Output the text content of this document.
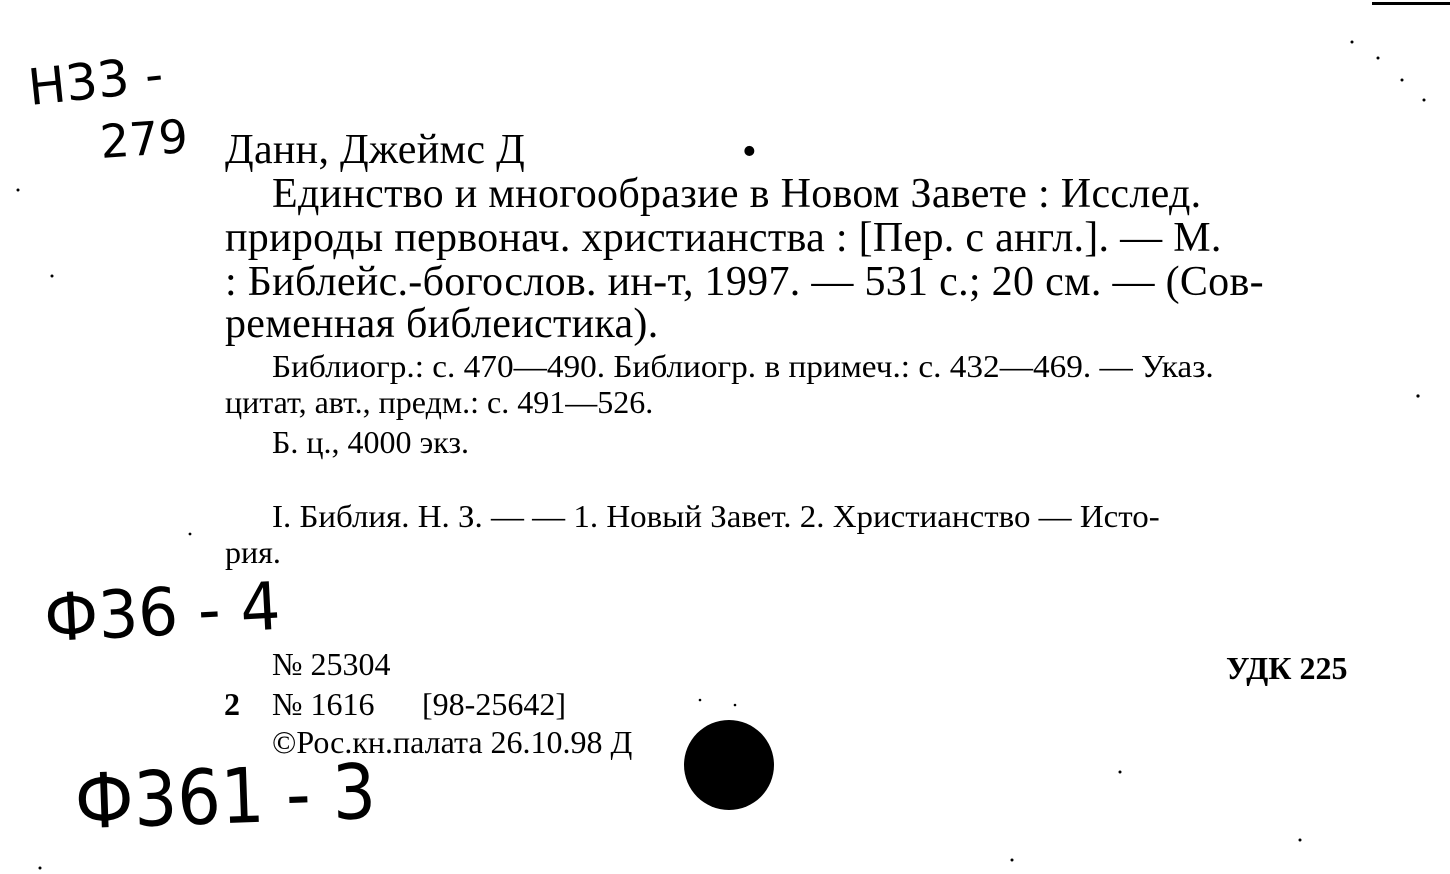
Н33 -
279
Ф36 - 4
Ф361 - 3
Данн, Джеймс Д	•
Единство и многообразие в Новом Завете : Исслед.
природы первонач. христианства : [Пер. с англ.]. — М.
: Библейс.-богослов. ин-т, 1997. — 531 с.; 20 см. — (Сов-
ременная библеистика).
Библиогр.: с. 470—490. Библиогр. в примеч.: с. 432—469. — Указ.
цитат, авт., предм.: с. 491—526.
Б. ц., 4000 экз.
I. Библия. Н. З. — — 1. Новый Завет. 2. Христианство — Исто-
рия.
№ 25304	УДК 225
2 № 1616 [98-25642]
©Рос.кн.палата 26.10.98 Д
